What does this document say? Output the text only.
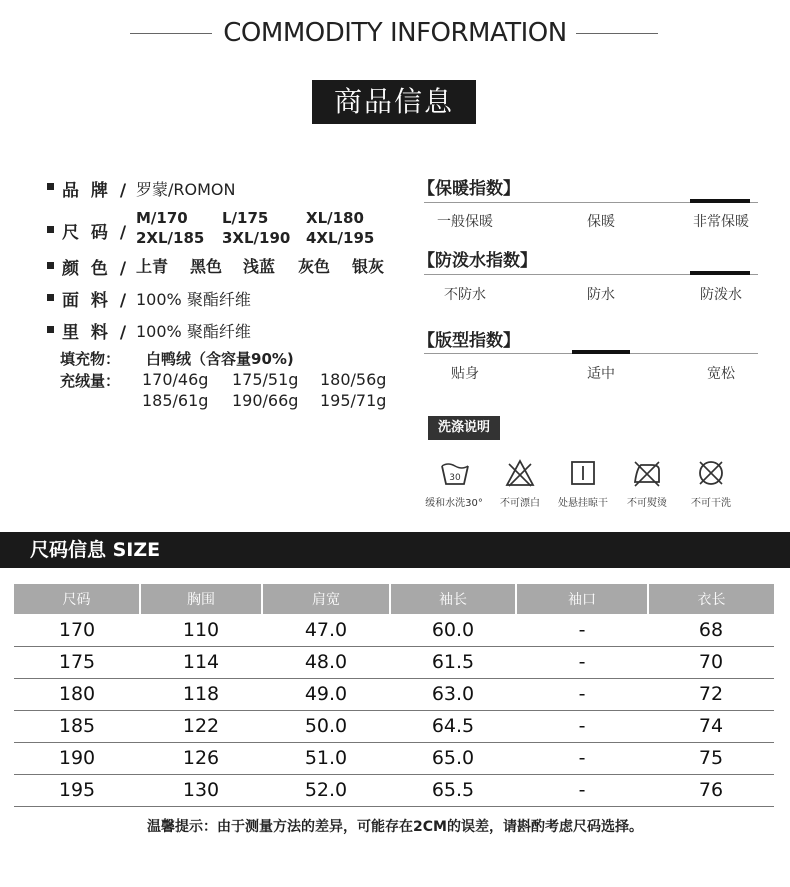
COMMODITY INFORMATION
商品信息
品 牌 / 罗蒙/ROMON
尺 码 /
M/170 L/175	XL/180
2XL/185 3XL/190 4XL/195
颜 色 / 上青 黑色 浅蓝 灰色 银灰
面 料 / 100% 聚酯纤维
里 料 / 100% 聚酯纤维
填充物： 白鸭绒（含容量90%)
充绒量： 170/46g 175/51g 180/56g
185/61g 190/66g 195/71g
【保暖指数】
一般保暖	保暖	非常保暖
【防泼水指数】
不防水	防水	防泼水
【版型指数】
贴身	适中	宽松
洗涤说明
30
缓和水洗30°	不可漂白	处悬挂晾干	不可熨烫	不可干洗
尺码信息 SIZE
尺码	胸围	肩宽	袖长	袖口	衣长
170	110	47.0	60.0	-	68
175	114	48.0	61.5	-	70
180	118	49.0	63.0	-	72
185	122	50.0	64.5	-	74
190	126	51.0	65.0	-	75
195	130	52.0	65.5	-	76
温馨提示：由于测量方法的差异，可能存在2CM的误差，请斟酌考虑尺码选择。
